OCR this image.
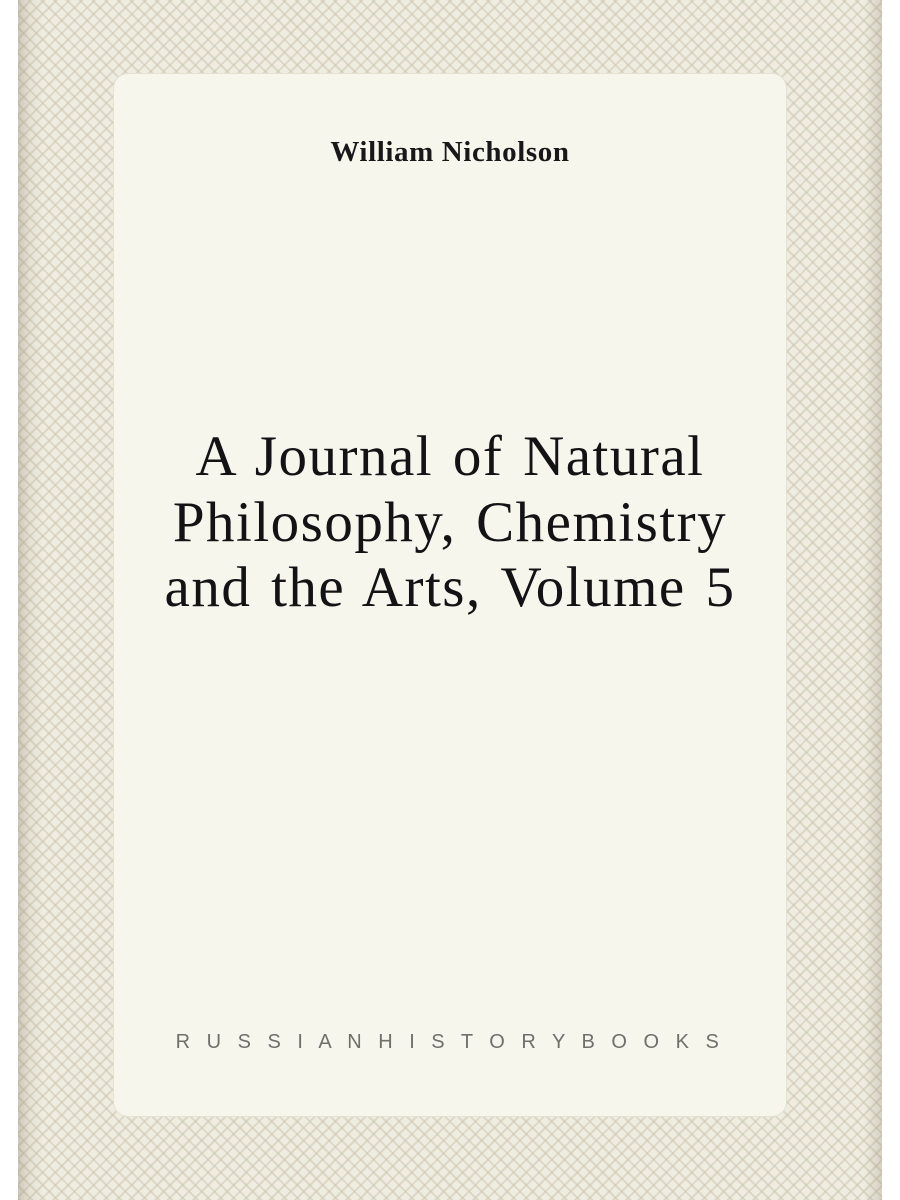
William Nicholson
A Journal of Natural Philosophy, Chemistry and the Arts, Volume 5
R U S S I A N H I S T O R Y B O O K S
